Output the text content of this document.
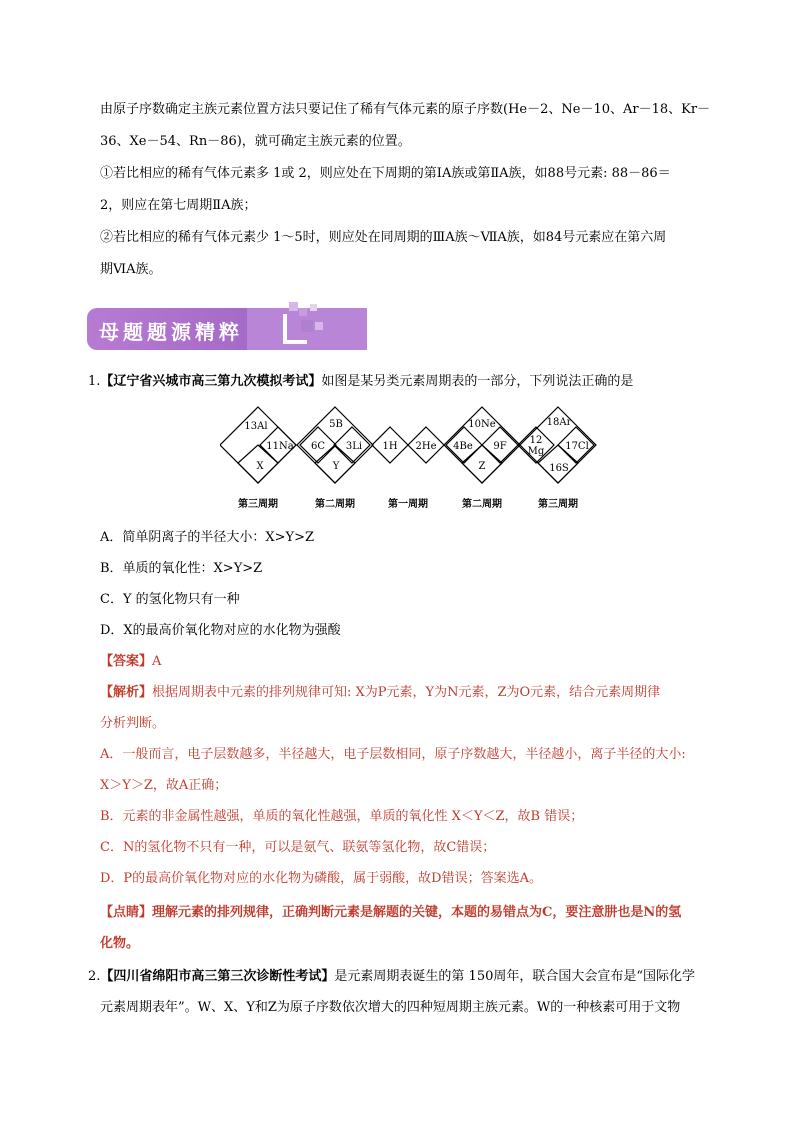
由原子序数确定主族元素位置方法只要记住了稀有气体元素的原子序数(He－2、Ne－10、Ar－18、Kr－
36、Xe－54、Rn－86)，就可确定主族元素的位置。
①若比相应的稀有气体元素多 1或 2，则应处在下周期的第ⅠA族或第ⅡA族，如88号元素: 88－86＝
2，则应在第七周期ⅡA族；
②若比相应的稀有气体元素少 1～5时，则应处在同周期的ⅢA族～ⅦA族，如84号元素应在第六周
期ⅥA族。
母题题源精粹
1.【辽宁省兴城市高三第九次模拟考试】如图是某另类元素周期表的一部分，下列说法正确的是
13Al
11Na
X
5B
6C 3Li
Y
1H 2He
10Ne
4Be 9F
Z
18Ar
12
Mg 17Cl
16S
第三周期	第二周期	第一周期	第二周期	第三周期
A．简单阴离子的半径大小：X>Y>Z
B．单质的氧化性：X>Y>Z
C．Y 的氢化物只有一种
D．X的最高价氧化物对应的水化物为强酸
【答案】A
【解析】根据周期表中元素的排列规律可知: X为P元素，Y为N元素，Z为O元素，结合元素周期律
分析判断。
A．一般而言，电子层数越多，半径越大，电子层数相同，原子序数越大，半径越小，离子半径的大小:
X＞Y＞Z，故A正确；
B．元素的非金属性越强，单质的氧化性越强，单质的氧化性 X＜Y＜Z，故B 错误；
C．N的氢化物不只有一种，可以是氨气、联氨等氢化物，故C错误；
D．P的最高价氧化物对应的水化物为磷酸，属于弱酸，故D错误；答案选A。
【点睛】理解元素的排列规律，正确判断元素是解题的关键，本题的易错点为C，要注意肼也是N的氢
化物。
2.【四川省绵阳市高三第三次诊断性考试】是元素周期表诞生的第 150周年，联合国大会宣布是“国际化学
元素周期表年”。W、X、Y和Z为原子序数依次增大的四种短周期主族元素。W的一种核素可用于文物
